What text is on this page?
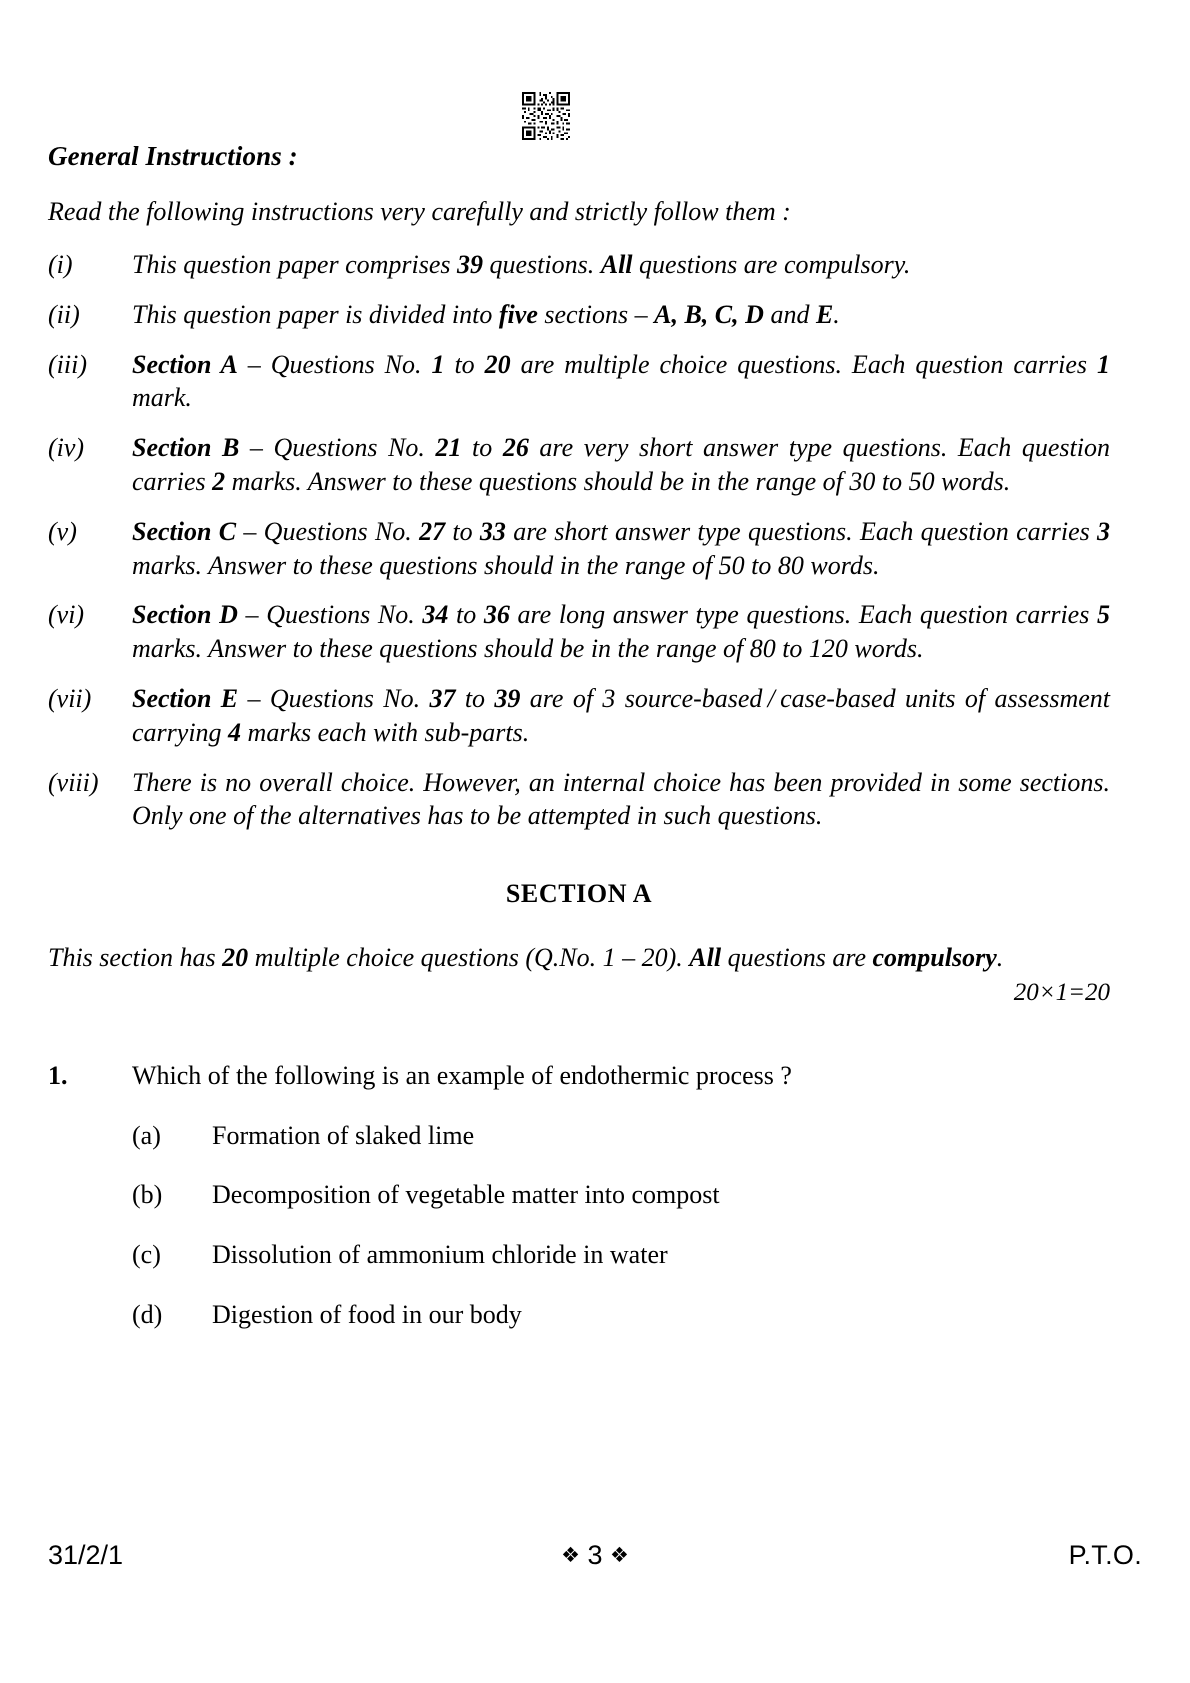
General Instructions :
Read the following instructions very carefully and strictly follow them :
(i)	This question paper comprises 39 questions. All questions are compulsory.
(ii)	This question paper is divided into five sections – A, B, C, D and E.
(iii)	Section A – Questions No. 1 to 20 are multiple choice questions. Each question carries 1 mark.
(iv)	Section B – Questions No. 21 to 26 are very short answer type questions. Each question carries 2 marks. Answer to these questions should be in the range of 30 to 50 words.
(v)	Section C – Questions No. 27 to 33 are short answer type questions. Each question carries 3 marks. Answer to these questions should in the range of 50 to 80 words.
(vi)	Section D – Questions No. 34 to 36 are long answer type questions. Each question carries 5 marks. Answer to these questions should be in the range of 80 to 120 words.
(vii)	Section E – Questions No. 37 to 39 are of 3 source-based / case-based units of assessment carrying 4 marks each with sub-parts.
(viii)	There is no overall choice. However, an internal choice has been provided in some sections. Only one of the alternatives has to be attempted in such questions.
SECTION A
This section has 20 multiple choice questions (Q.No. 1 – 20). All questions are compulsory.
20×1=20
1.	Which of the following is an example of endothermic process ?
(a)	Formation of slaked lime
(b)	Decomposition of vegetable matter into compost
(c)	Dissolution of ammonium chloride in water
(d)	Digestion of food in our body
31/2/1	❖ 3 ❖	P.T.O.
